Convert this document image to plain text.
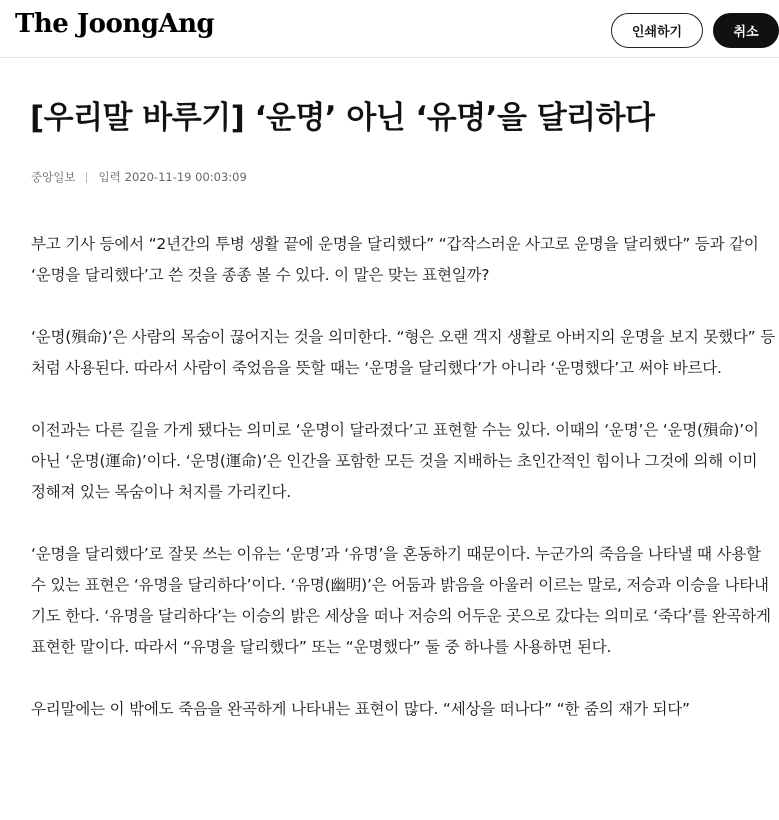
The JoongAng	인쇄하기	취소
[우리말 바루기] ‘운명’ 아닌 ‘유명’을 달리하다
중앙일보 입력 2020-11-19 00:03:09

부고 기사 등에서 “2년간의 투병 생활 끝에 운명을 달리했다” “갑작스러운 사고로 운명을 달리했다” 등과 같이 ‘운명을 달리했다’고 쓴 것을 종종 볼 수 있다. 이 말은 맞는 표현일까?

‘운명(殞命)’은 사람의 목숨이 끊어지는 것을 의미한다. “형은 오랜 객지 생활로 아버지의 운명을 보지 못했다” 등처럼 사용된다. 따라서 사람이 죽었음을 뜻할 때는 ‘운명을 달리했다’가 아니라 ‘운명했다’고 써야 바르다.

이전과는 다른 길을 가게 됐다는 의미로 ‘운명이 달라졌다’고 표현할 수는 있다. 이때의 ‘운명’은 ‘운명(殞命)’이 아닌 ‘운명(運命)’이다. ‘운명(運命)’은 인간을 포함한 모든 것을 지배하는 초인간적인 힘이나 그것에 의해 이미 정해져 있는 목숨이나 처지를 가리킨다.

‘운명을 달리했다’로 잘못 쓰는 이유는 ‘운명’과 ‘유명’을 혼동하기 때문이다. 누군가의 죽음을 나타낼 때 사용할 수 있는 표현은 ‘유명을 달리하다’이다. ‘유명(幽明)’은 어둠과 밝음을 아울러 이르는 말로, 저승과 이승을 나타내기도 한다. ‘유명을 달리하다’는 이승의 밝은 세상을 떠나 저승의 어두운 곳으로 갔다는 의미로 ‘죽다’를 완곡하게 표현한 말이다. 따라서 “유명을 달리했다” 또는 “운명했다” 둘 중 하나를 사용하면 된다.

우리말에는 이 밖에도 죽음을 완곡하게 나타내는 표현이 많다. “세상을 떠나다” “한 줌의 재가 되다”
